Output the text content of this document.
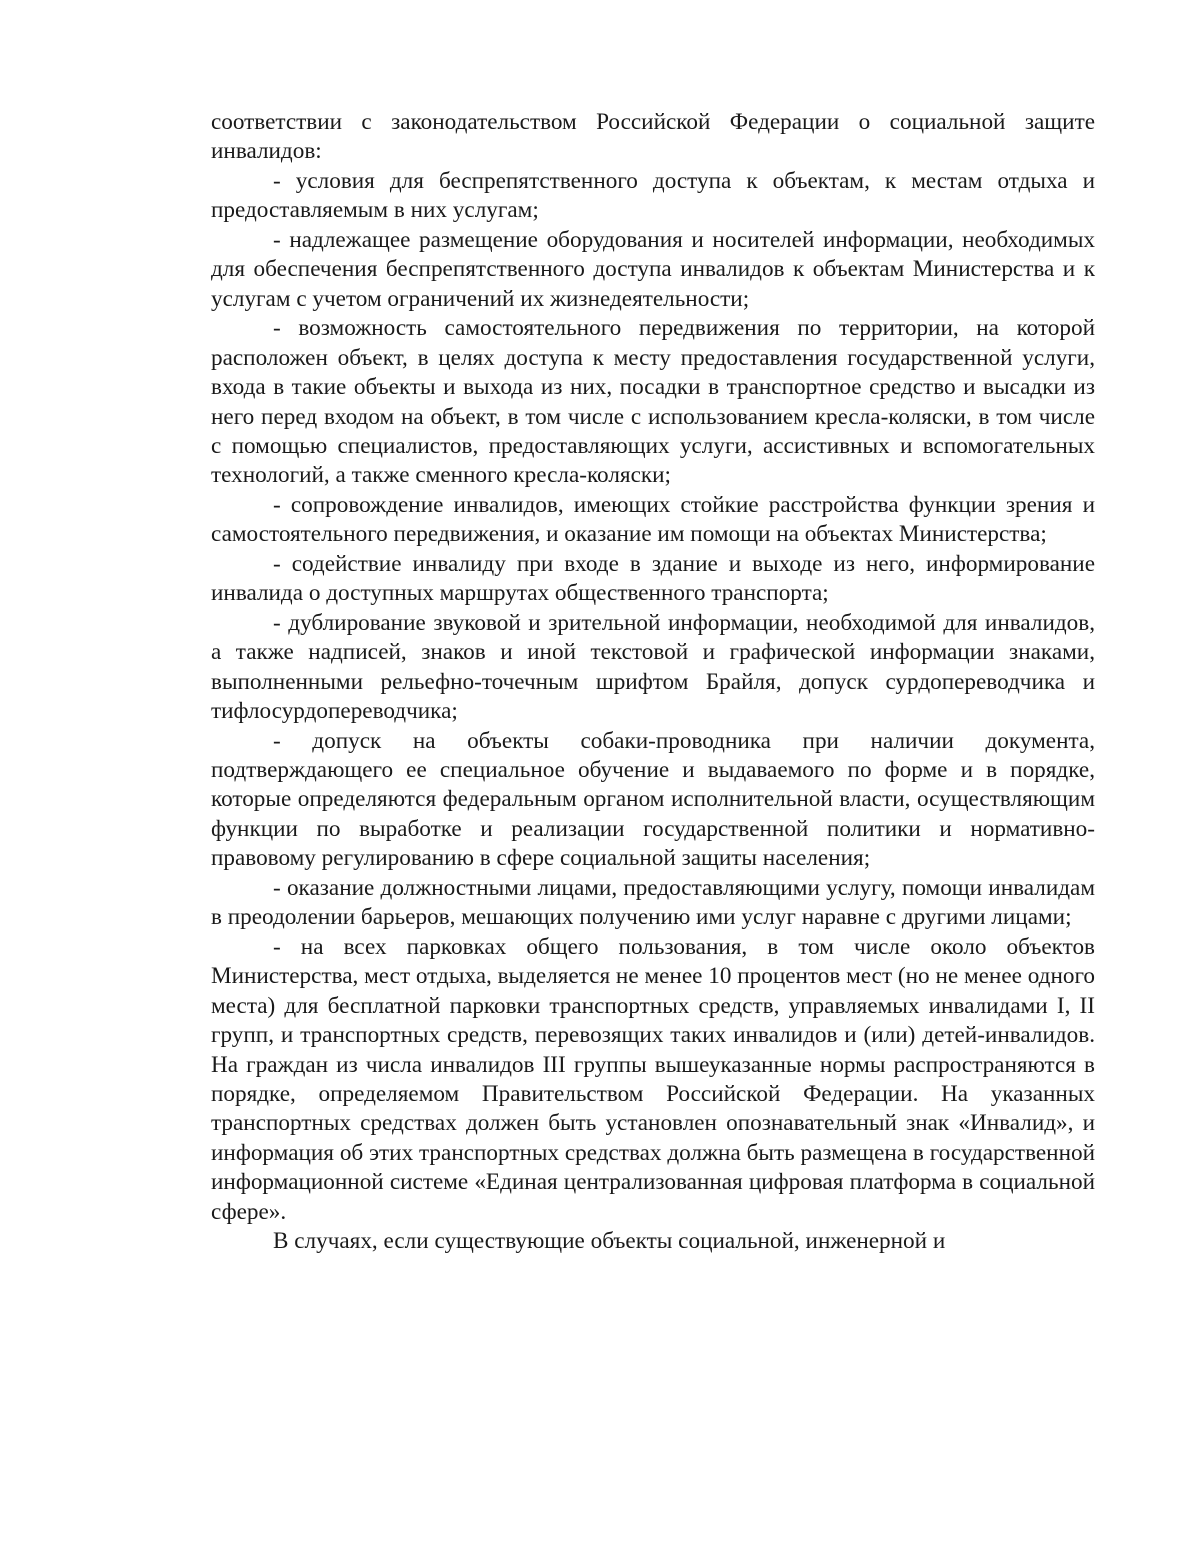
соответствии с законодательством Российской Федерации о социальной защите инвалидов:

- условия для беспрепятственного доступа к объектам, к местам отдыха и предоставляемым в них услугам;

- надлежащее размещение оборудования и носителей информации, необходимых для обеспечения беспрепятственного доступа инвалидов к объектам Министерства и к услугам с учетом ограничений их жизнедеятельности;

- возможность самостоятельного передвижения по территории, на которой расположен объект, в целях доступа к месту предоставления государственной услуги, входа в такие объекты и выхода из них, посадки в транспортное средство и высадки из него перед входом на объект, в том числе с использованием кресла-коляски, в том числе с помощью специалистов, предоставляющих услуги, ассистивных и вспомогательных технологий, а также сменного кресла-коляски;

- сопровождение инвалидов, имеющих стойкие расстройства функции зрения и самостоятельного передвижения, и оказание им помощи на объектах Министерства;

- содействие инвалиду при входе в здание и выходе из него, информирование инвалида о доступных маршрутах общественного транспорта;

- дублирование звуковой и зрительной информации, необходимой для инвалидов, а также надписей, знаков и иной текстовой и графической информации знаками, выполненными рельефно-точечным шрифтом Брайля, допуск сурдопереводчика и тифлосурдопереводчика;

- допуск на объекты собаки-проводника при наличии документа, подтверждающего ее специальное обучение и выдаваемого по форме и в порядке, которые определяются федеральным органом исполнительной власти, осуществляющим функции по выработке и реализации государственной политики и нормативно-правовому регулированию в сфере социальной защиты населения;

- оказание должностными лицами, предоставляющими услугу, помощи инвалидам в преодолении барьеров, мешающих получению ими услуг наравне с другими лицами;

- на всех парковках общего пользования, в том числе около объектов Министерства, мест отдыха, выделяется не менее 10 процентов мест (но не менее одного места) для бесплатной парковки транспортных средств, управляемых инвалидами I, II групп, и транспортных средств, перевозящих таких инвалидов и (или) детей-инвалидов. На граждан из числа инвалидов III группы вышеуказанные нормы распространяются в порядке, определяемом Правительством Российской Федерации. На указанных транспортных средствах должен быть установлен опознавательный знак «Инвалид», и информация об этих транспортных средствах должна быть размещена в государственной информационной системе «Единая централизованная цифровая платформа в социальной сфере».

В случаях, если существующие объекты социальной, инженерной и
